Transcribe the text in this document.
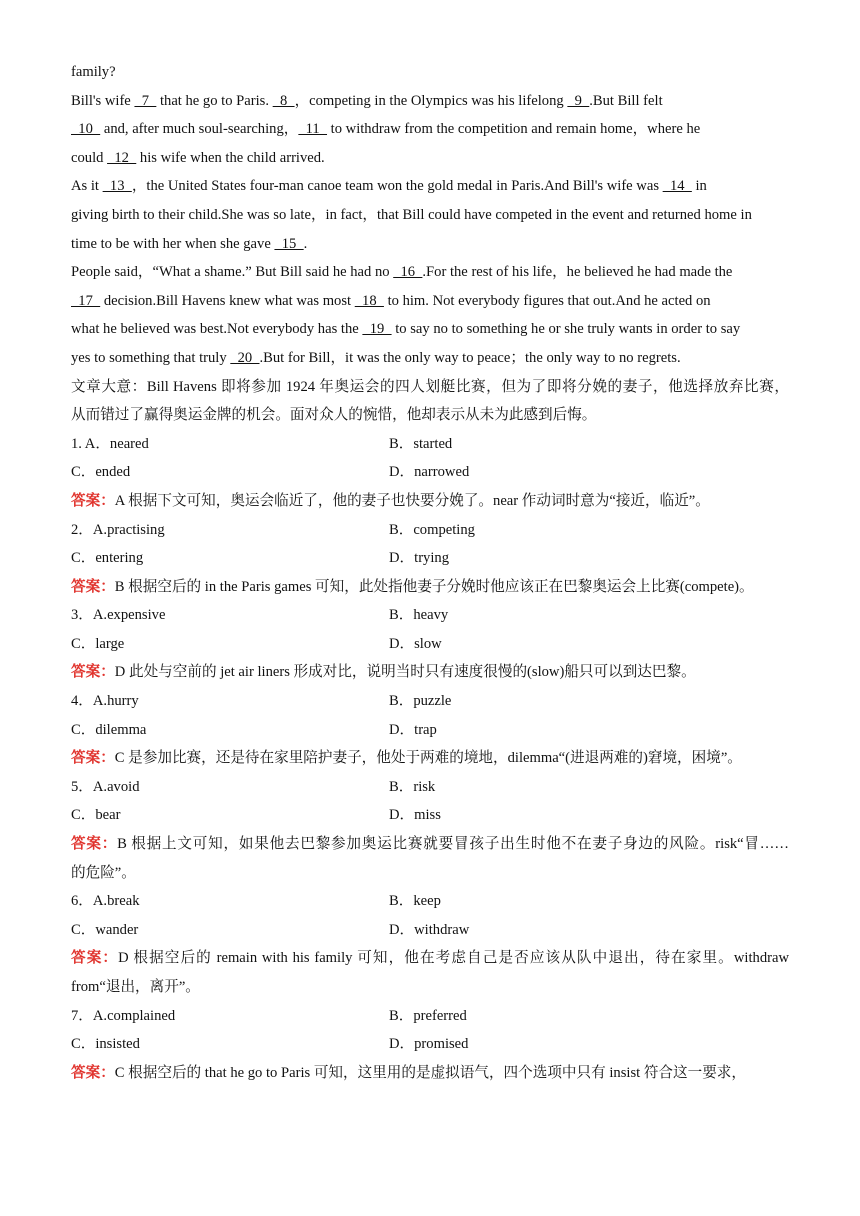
family?
Bill's wife   7   that he go to Paris.   8  ，competing in the Olympics was his lifelong   9  .But Bill felt
10   and, after much soul-searching，  11   to withdraw from the competition and remain home，where he
could   12   his wife when the child arrived.
As it   13  ，the United States four-man canoe team won the gold medal in Paris.And Bill's wife was   14   in
giving birth to their child.She was so late，in fact，that Bill could have competed in the event and returned home in
time to be with her when she gave   15  .
People said，“What a shame.” But Bill said he had no   16  .For the rest of his life，he believed he had made the
17   decision.Bill Havens knew what was most   18   to him. Not everybody figures that out.And he acted on
what he believed was best.Not everybody has the   19   to say no to something he or she truly wants in order to say
yes to something that truly   20  .But for Bill，it was the only way to peace；the only way to no regrets.
文章大意：Bill Havens 即将参加 1924 年奥运会的四人划艇比赛，但为了即将分娩的妻子，他选择放弃比赛，
从而错过了赢得奥运金牌的机会。面对众人的惋惜，他却表示从未为此感到后悔。
1. A．neared	B．started
C．ended	D．narrowed
答案：A 根据下文可知，奥运会临近了，他的妻子也快要分娩了。near 作动词时意为“接近，临近”。
2．A.practising	B．competing
C．entering	D．trying
答案：B 根据空后的 in the Paris games 可知，此处指他妻子分娩时他应该正在巴黎奥运会上比赛(compete)。
3．A.expensive	B．heavy
C．large	D．slow
答案：D 此处与空前的 jet air liners 形成对比，说明当时只有速度很慢的(slow)船只可以到达巴黎。
4．A.hurry	B．puzzle
C．dilemma	D．trap
答案：C 是参加比赛，还是待在家里陪护妻子，他处于两难的境地，dilemma“(进退两难的)窘境，困境”。
5．A.avoid	B．risk
C．bear	D．miss
答案：B 根据上文可知，如果他去巴黎参加奥运比赛就要冒孩子出生时他不在妻子身边的风险。risk“冒……
的危险”。
6．A.break	B．keep
C．wander	D．withdraw
答案：D 根据空后的 remain with his family 可知，他在考虑自己是否应该从队中退出，待在家里。withdraw
from“退出，离开”。
7．A.complained	B．preferred
C．insisted	D．promised
答案：C 根据空后的 that he go to Paris 可知，这里用的是虚拟语气，四个选项中只有 insist 符合这一要求，
